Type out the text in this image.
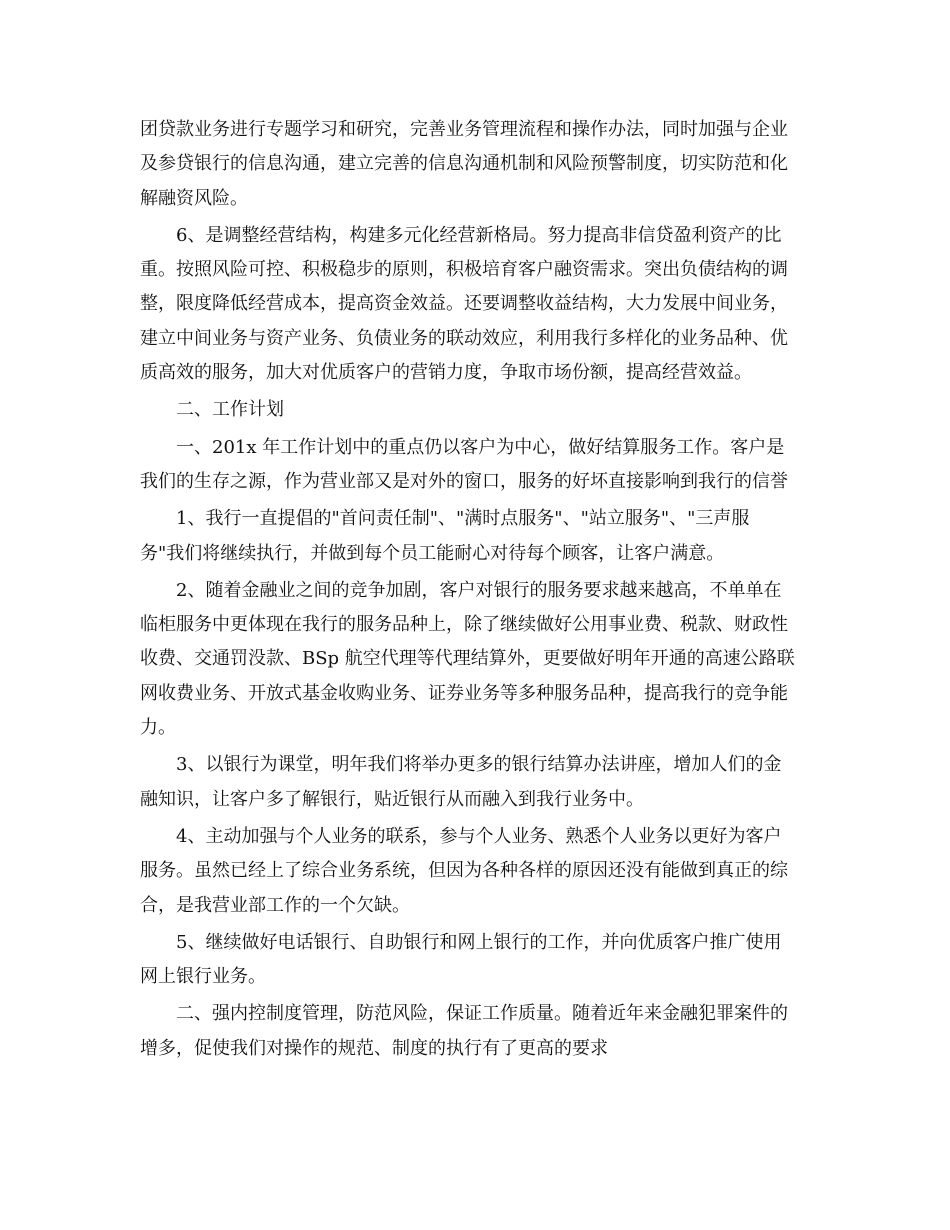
团贷款业务进行专题学习和研究，完善业务管理流程和操作办法，同时加强与企业
及参贷银行的信息沟通，建立完善的信息沟通机制和风险预警制度，切实防范和化
解融资风险。

6、是调整经营结构，构建多元化经营新格局。努力提高非信贷盈利资产的比
重。按照风险可控、积极稳步的原则，积极培育客户融资需求。突出负债结构的调
整，限度降低经营成本，提高资金效益。还要调整收益结构，大力发展中间业务，
建立中间业务与资产业务、负债业务的联动效应，利用我行多样化的业务品种、优
质高效的服务，加大对优质客户的营销力度，争取市场份额，提高经营效益。

二、工作计划

一、201x 年工作计划中的重点仍以客户为中心，做好结算服务工作。客户是
我们的生存之源，作为营业部又是对外的窗口，服务的好坏直接影响到我行的信誉

1、我行一直提倡的"首问责任制"、"满时点服务"、"站立服务"、"三声服
务"我们将继续执行，并做到每个员工能耐心对待每个顾客，让客户满意。

2、随着金融业之间的竞争加剧，客户对银行的服务要求越来越高，不单单在
临柜服务中更体现在我行的服务品种上，除了继续做好公用事业费、税款、财政性
收费、交通罚没款、BSp 航空代理等代理结算外，更要做好明年开通的高速公路联
网收费业务、开放式基金收购业务、证券业务等多种服务品种，提高我行的竞争能
力。

3、以银行为课堂，明年我们将举办更多的银行结算办法讲座，增加人们的金
融知识，让客户多了解银行，贴近银行从而融入到我行业务中。

4、主动加强与个人业务的联系，参与个人业务、熟悉个人业务以更好为客户
服务。虽然已经上了综合业务系统，但因为各种各样的原因还没有能做到真正的综
合，是我营业部工作的一个欠缺。

5、继续做好电话银行、自助银行和网上银行的工作，并向优质客户推广使用
网上银行业务。

二、强内控制度管理，防范风险，保证工作质量。随着近年来金融犯罪案件的
增多，促使我们对操作的规范、制度的执行有了更高的要求
